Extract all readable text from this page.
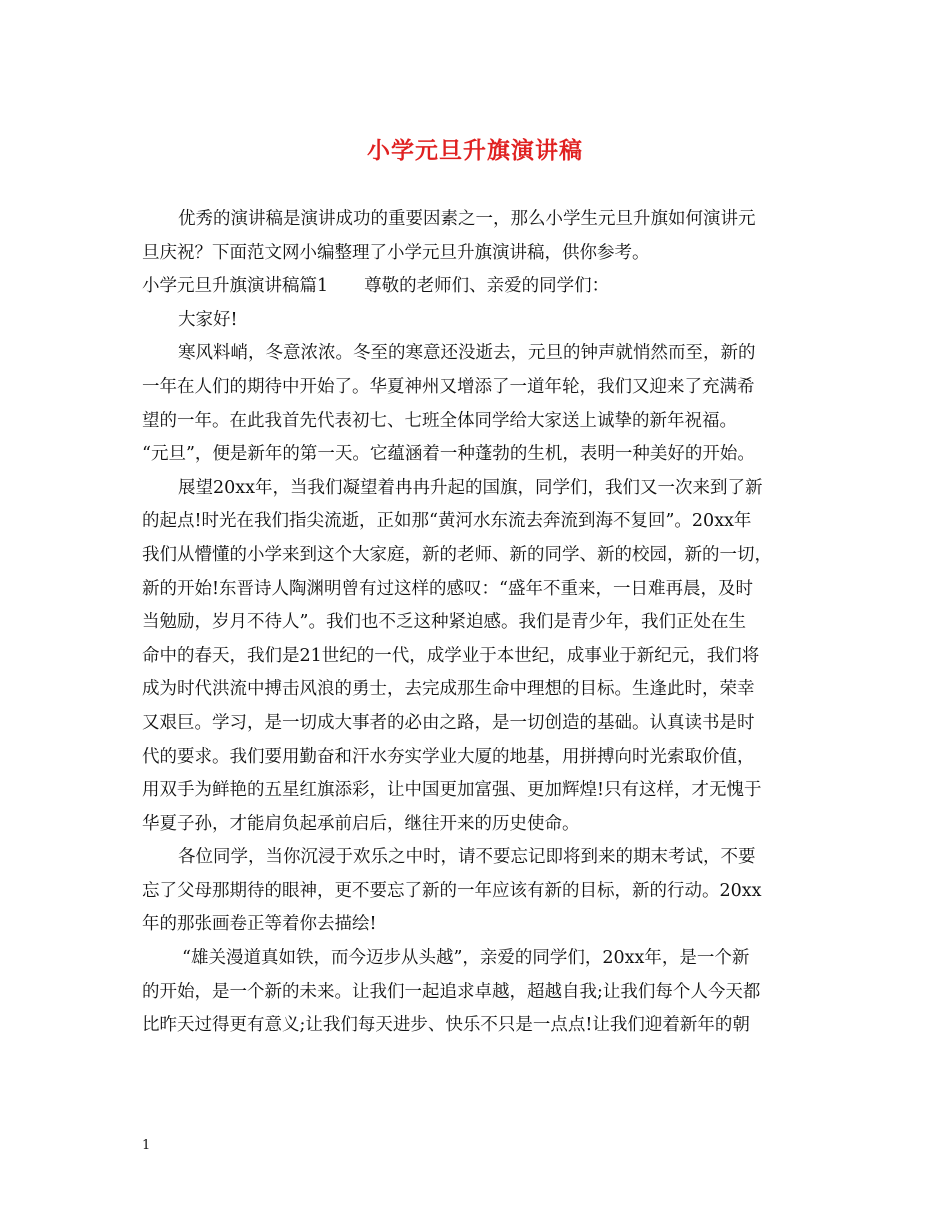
小学元旦升旗演讲稿
优秀的演讲稿是演讲成功的重要因素之一，那么小学生元旦升旗如何演讲元
旦庆祝？下面范文网小编整理了小学元旦升旗演讲稿，供你参考。
小学元旦升旗演讲稿篇1 尊敬的老师们、亲爱的同学们：
大家好!
寒风料峭，冬意浓浓。冬至的寒意还没逝去，元旦的钟声就悄然而至，新的
一年在人们的期待中开始了。华夏神州又增添了一道年轮，我们又迎来了充满希
望的一年。在此我首先代表初七、七班全体同学给大家送上诚挚的新年祝福。
“元旦”，便是新年的第一天。它蕴涵着一种蓬勃的生机，表明一种美好的开始。
展望20xx年，当我们凝望着冉冉升起的国旗，同学们，我们又一次来到了新
的起点!时光在我们指尖流逝，正如那“黄河水东流去奔流到海不复回”。20xx年
我们从懵懂的小学来到这个大家庭，新的老师、新的同学、新的校园，新的一切，
新的开始!东晋诗人陶渊明曾有过这样的感叹：“盛年不重来，一日难再晨，及时
当勉励，岁月不待人”。我们也不乏这种紧迫感。我们是青少年，我们正处在生
命中的春天，我们是21世纪的一代，成学业于本世纪，成事业于新纪元，我们将
成为时代洪流中搏击风浪的勇士，去完成那生命中理想的目标。生逢此时，荣幸
又艰巨。学习，是一切成大事者的必由之路，是一切创造的基础。认真读书是时
代的要求。我们要用勤奋和汗水夯实学业大厦的地基，用拼搏向时光索取价值，
用双手为鲜艳的五星红旗添彩，让中国更加富强、更加辉煌!只有这样，才无愧于
华夏子孙，才能肩负起承前启后，继往开来的历史使命。
各位同学，当你沉浸于欢乐之中时，请不要忘记即将到来的期末考试，不要
忘了父母那期待的眼神，更不要忘了新的一年应该有新的目标，新的行动。20xx
年的那张画卷正等着你去描绘!
“雄关漫道真如铁，而今迈步从头越”，亲爱的同学们，20xx年，是一个新
的开始，是一个新的未来。让我们一起追求卓越，超越自我;让我们每个人今天都
比昨天过得更有意义;让我们每天进步、快乐不只是一点点!让我们迎着新年的朝
1
